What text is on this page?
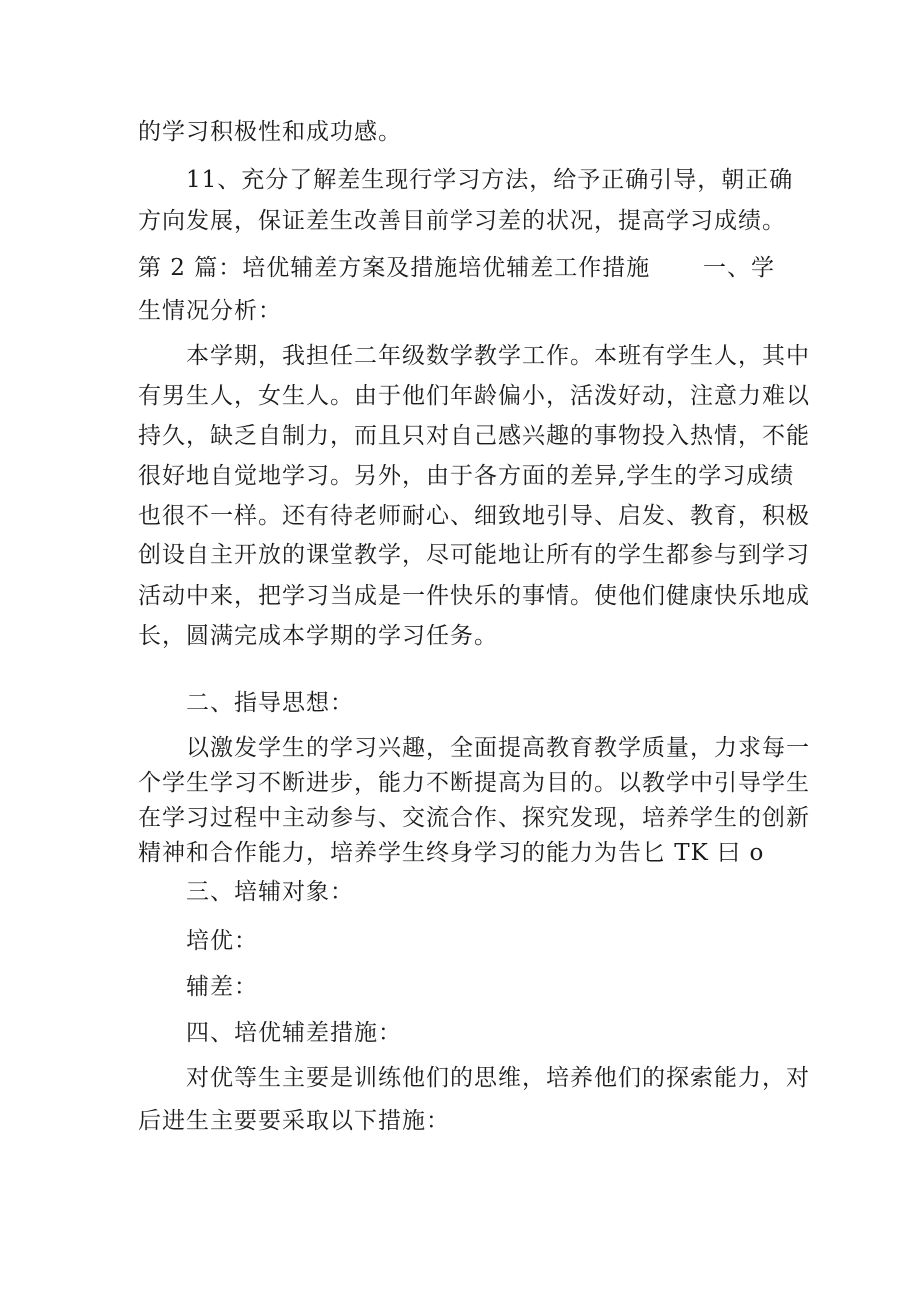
的学习积极性和成功感。

11、充分了解差生现行学习方法，给予正确引导，朝正确

方向发展，保证差生改善目前学习差的状况，提高学习成绩。

第 2 篇：培优辅差方案及措施培优辅差工作措施 一、学

生情况分析：

本学期，我担任二年级数学教学工作。本班有学生人，其中

有男生人，女生人。由于他们年龄偏小，活泼好动，注意力难以

持久，缺乏自制力，而且只对自己感兴趣的事物投入热情，不能

很好地自觉地学习。另外，由于各方面的差异,学生的学习成绩

也很不一样。还有待老师耐心、细致地引导、启发、教育，积极

创设自主开放的课堂教学，尽可能地让所有的学生都参与到学习

活动中来，把学习当成是一件快乐的事情。使他们健康快乐地成

长，圆满完成本学期的学习任务。

二、指导思想：

以激发学生的学习兴趣，全面提高教育教学质量，力求每一

个学生学习不断进步，能力不断提高为目的。以教学中引导学生

在学习过程中主动参与、交流合作、探究发现，培养学生的创新

精神和合作能力，培养学生终身学习的能力为告匕 TK 曰 o

三、培辅对象：

培优：

辅差：

四、培优辅差措施：

对优等生主要是训练他们的思维，培养他们的探索能力，对

后进生主要要采取以下措施：
